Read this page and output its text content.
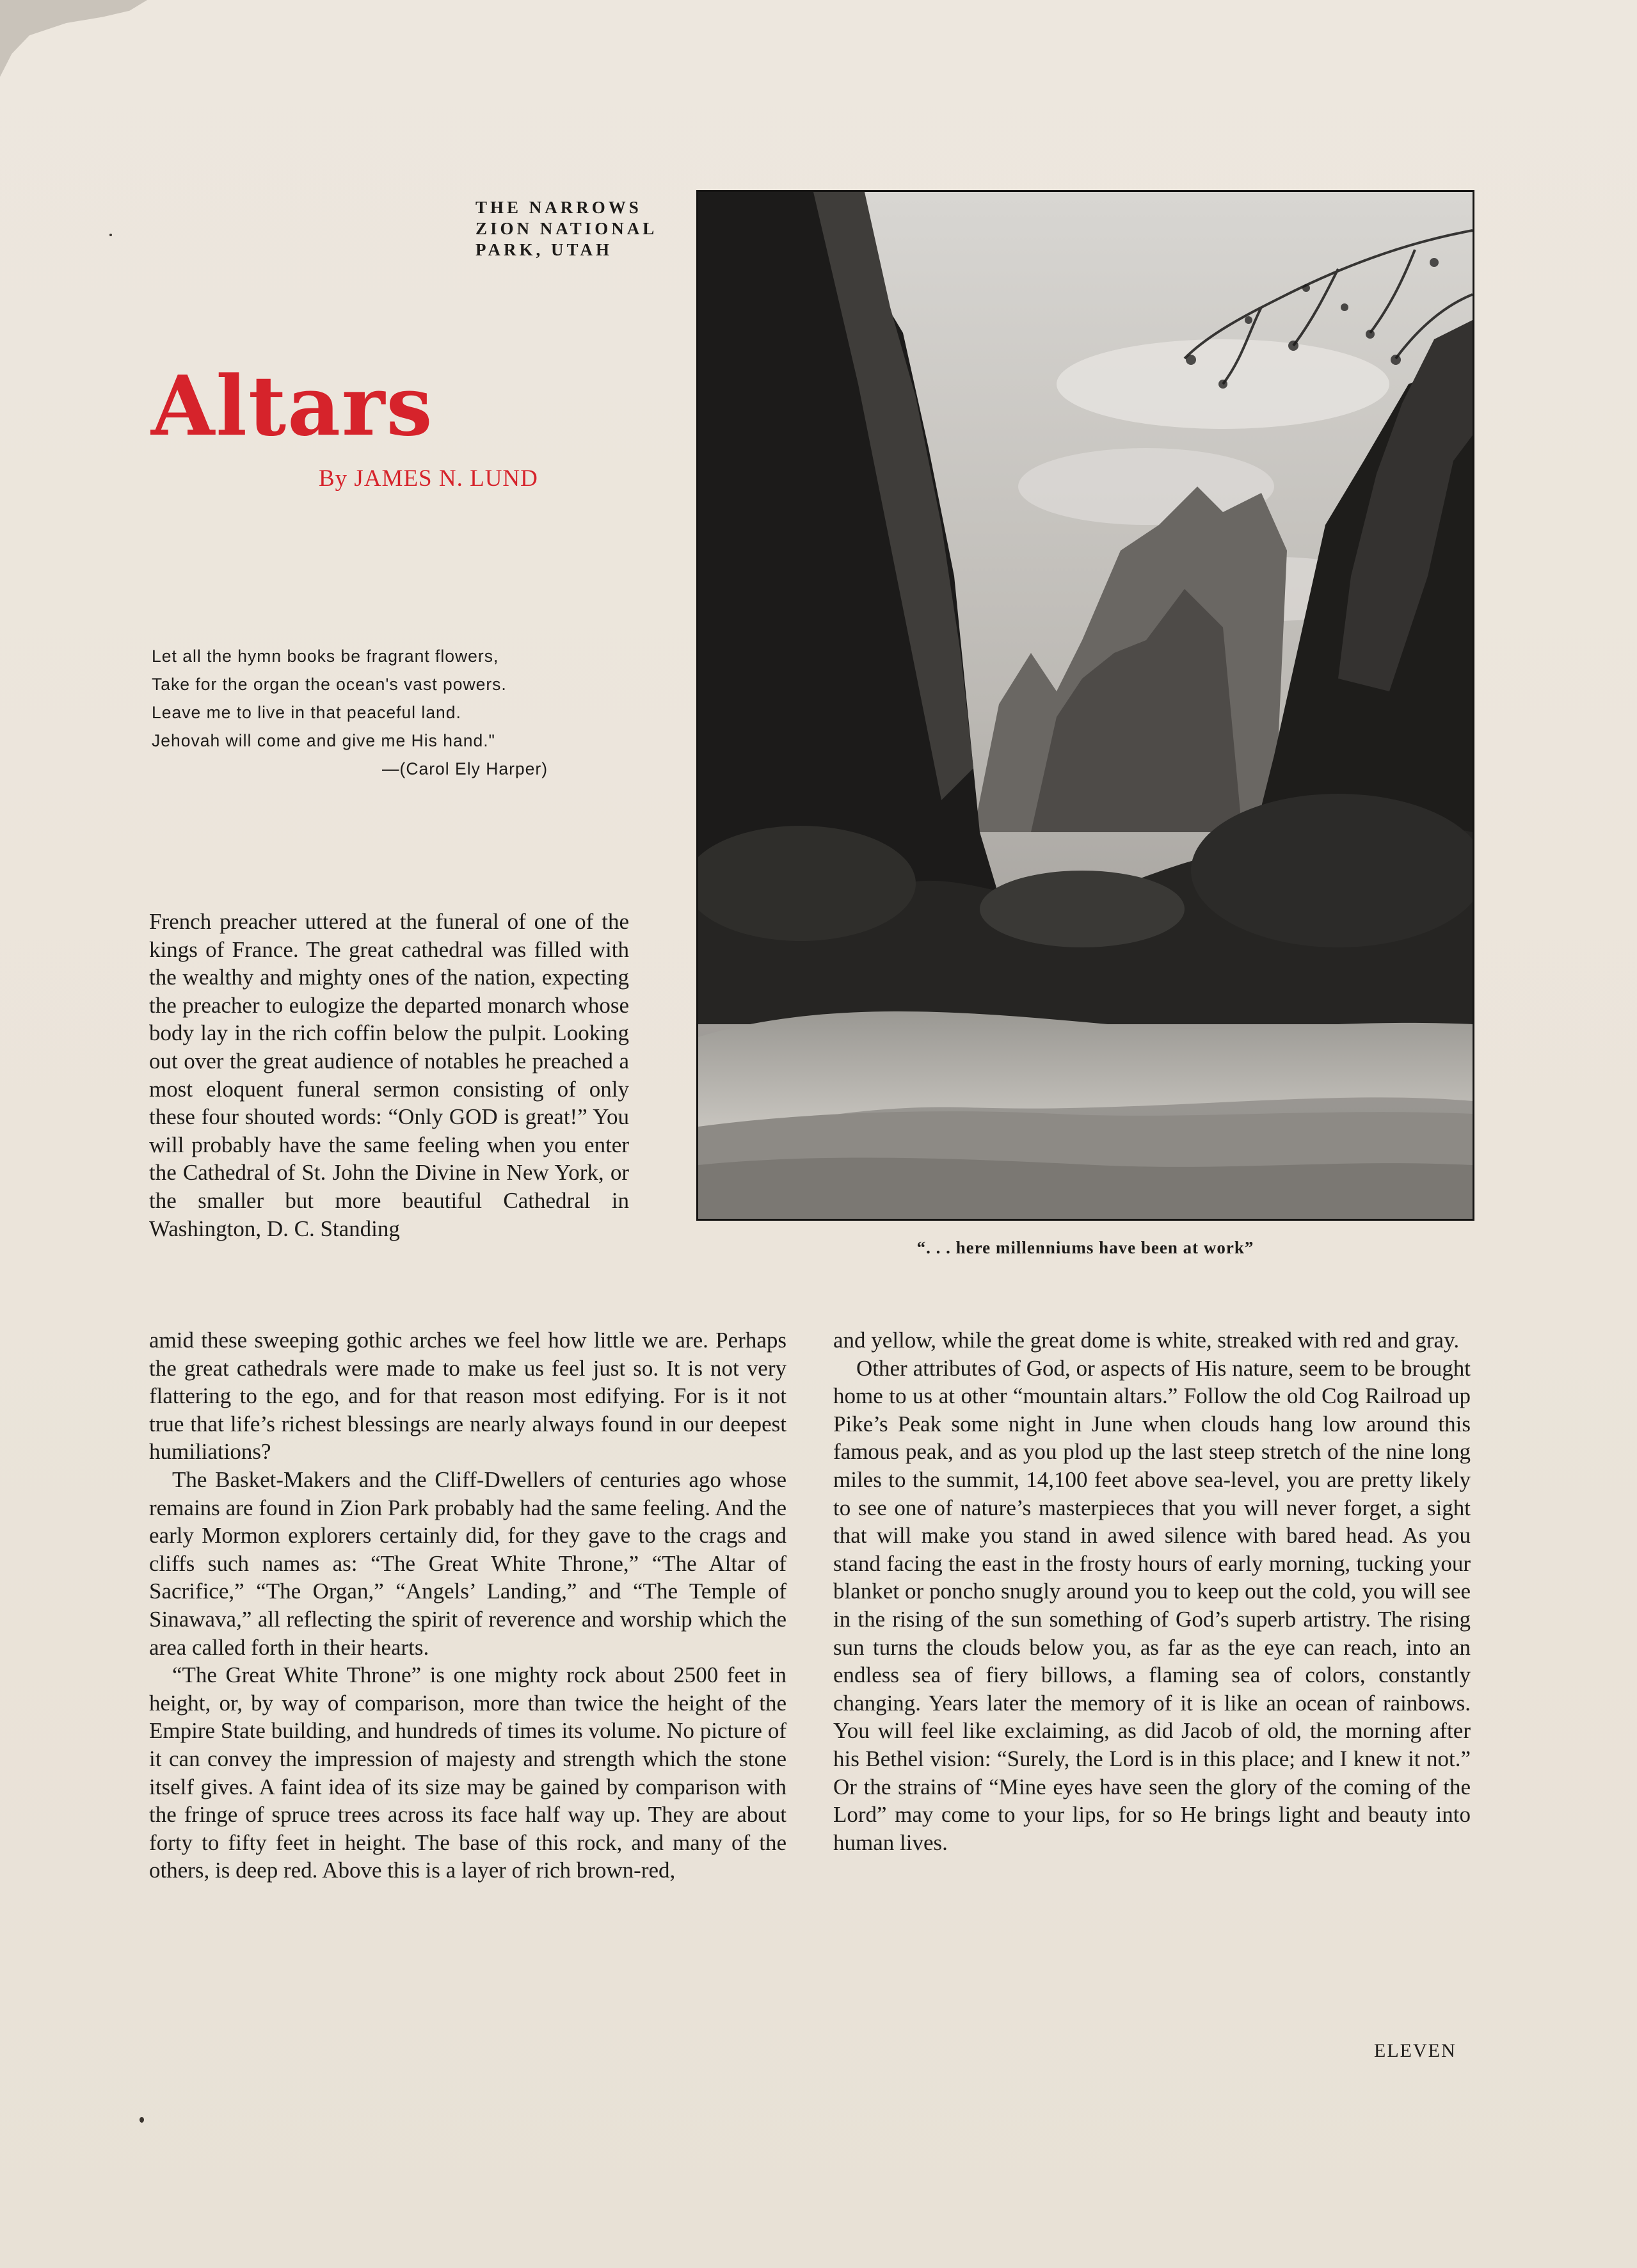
THE NARROWS
ZION NATIONAL
PARK, UTAH
Altars
By JAMES N. LUND
Let all the hymn books be fragrant flowers,
Take for the organ the ocean's vast powers.
Leave me to live in that peaceful land.
Jehovah will come and give me His hand."
—(Carol Ely Harper)
“. . . here millenniums have been at work”

French preacher uttered at the funeral of one of the kings of France. The great cathedral was filled with the wealthy and mighty ones of the nation, expecting the preacher to eulogize the departed monarch whose body lay in the rich coffin below the pulpit. Looking out over the great audience of notables he preached a most eloquent funeral sermon consisting of only these four shouted words: “Only GOD is great!” You will probably have the same feeling when you enter the Cathedral of St. John the Divine in New York, or the smaller but more beautiful Cathedral in Washington, D. C. Standing

amid these sweeping gothic arches we feel how little we are. Perhaps the great cathedrals were made to make us feel just so. It is not very flattering to the ego, and for that reason most edifying. For is it not true that life’s richest blessings are nearly always found in our deepest humiliations?

The Basket-Makers and the Cliff-Dwellers of centuries ago whose remains are found in Zion Park probably had the same feeling. And the early Mormon explorers certainly did, for they gave to the crags and cliffs such names as: “The Great White Throne,” “The Altar of Sacrifice,” “The Organ,” “Angels’ Landing,” and “The Temple of Sinawava,” all reflecting the spirit of reverence and worship which the area called forth in their hearts.

“The Great White Throne” is one mighty rock about 2500 feet in height, or, by way of comparison, more than twice the height of the Empire State building, and hundreds of times its volume. No picture of it can convey the impression of majesty and strength which the stone itself gives. A faint idea of its size may be gained by comparison with the fringe of spruce trees across its face half way up. They are about forty to fifty feet in height. The base of this rock, and many of the others, is deep red. Above this is a layer of rich brown-red,

and yellow, while the great dome is white, streaked with red and gray.

Other attributes of God, or aspects of His nature, seem to be brought home to us at other “mountain altars.” Follow the old Cog Railroad up Pike’s Peak some night in June when clouds hang low around this famous peak, and as you plod up the last steep stretch of the nine long miles to the summit, 14,100 feet above sea-level, you are pretty likely to see one of nature’s masterpieces that you will never forget, a sight that will make you stand in awed silence with bared head. As you stand facing the east in the frosty hours of early morning, tucking your blanket or poncho snugly around you to keep out the cold, you will see in the rising of the sun something of God’s superb artistry. The rising sun turns the clouds below you, as far as the eye can reach, into an endless sea of fiery billows, a flaming sea of colors, constantly changing. Years later the memory of it is like an ocean of rainbows. You will feel like exclaiming, as did Jacob of old, the morning after his Bethel vision: “Surely, the Lord is in this place; and I knew it not.” Or the strains of “Mine eyes have seen the glory of the coming of the Lord” may come to your lips, for so He brings light and beauty into human lives.

ELEVEN
